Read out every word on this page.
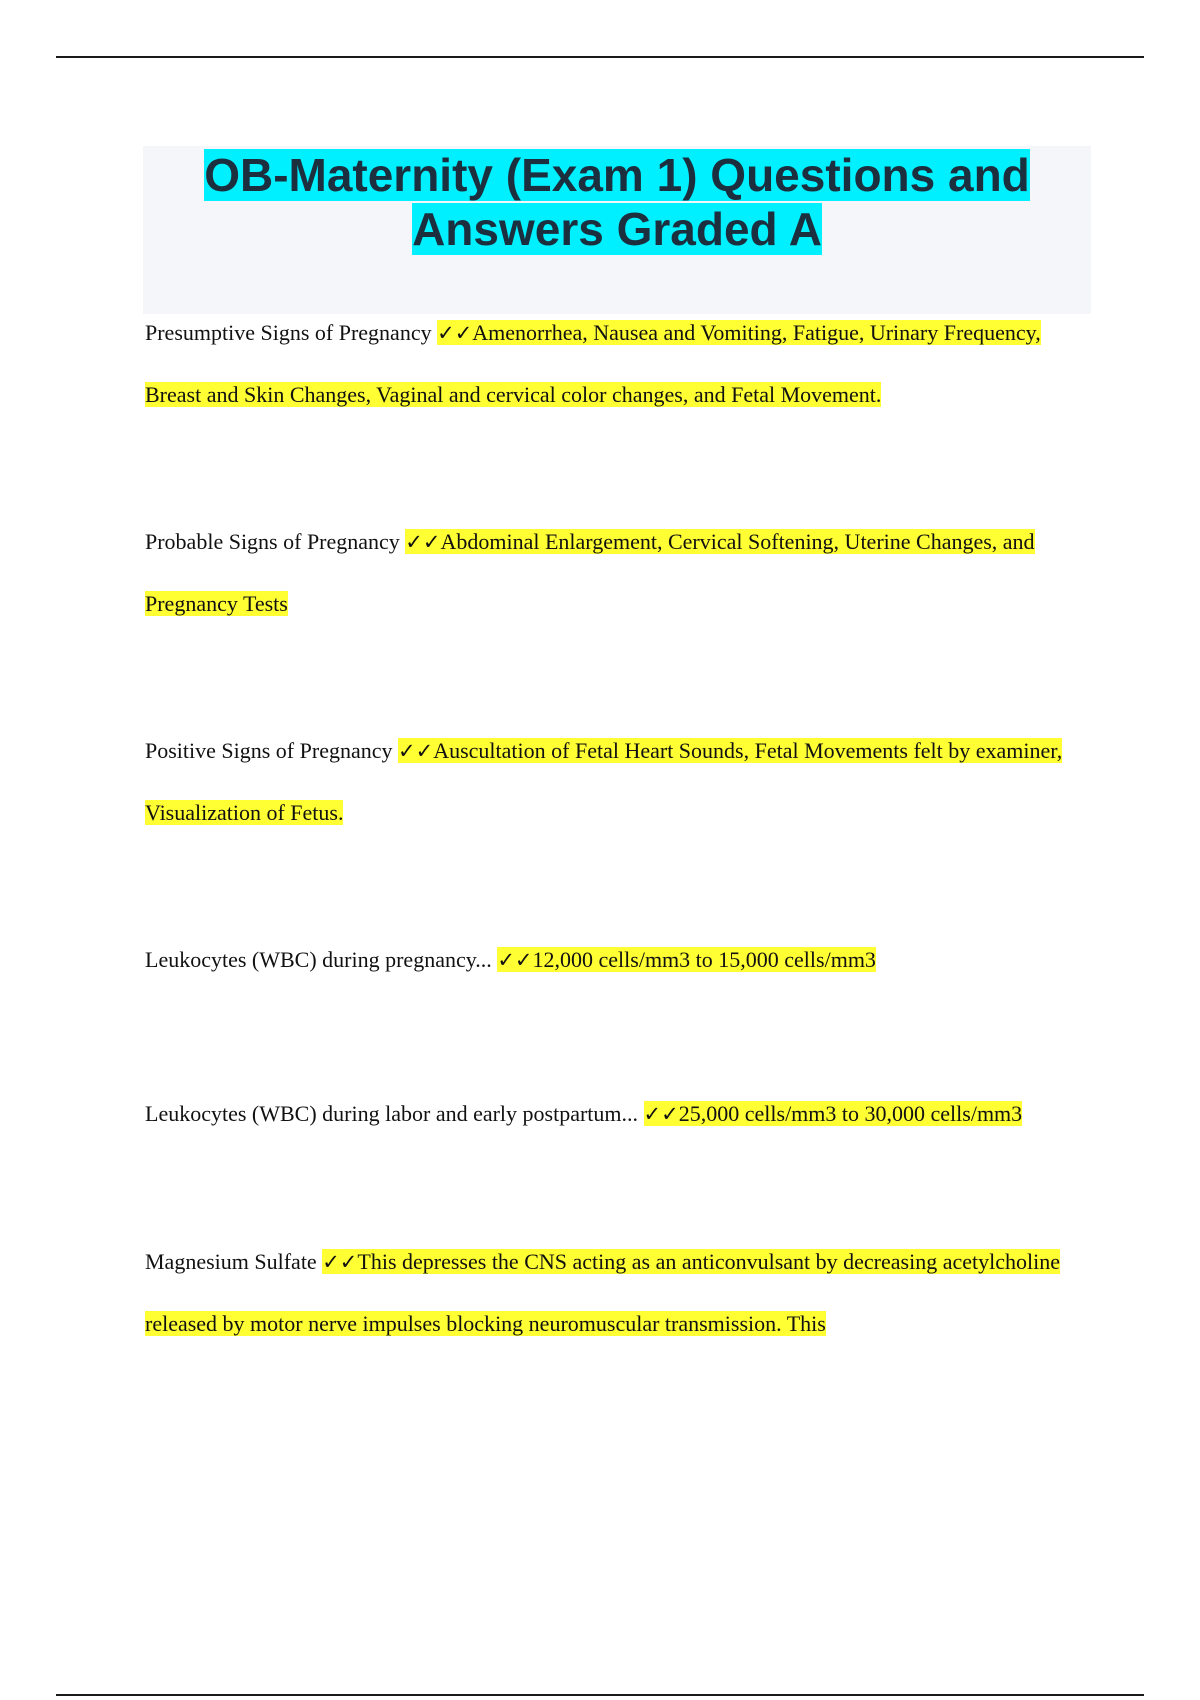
OB-Maternity (Exam 1) Questions and Answers Graded A

Presumptive Signs of Pregnancy ✓✓Amenorrhea, Nausea and Vomiting, Fatigue, Urinary Frequency, Breast and Skin Changes, Vaginal and cervical color changes, and Fetal Movement.

Probable Signs of Pregnancy ✓✓Abdominal Enlargement, Cervical Softening, Uterine Changes, and Pregnancy Tests

Positive Signs of Pregnancy ✓✓Auscultation of Fetal Heart Sounds, Fetal Movements felt by examiner, Visualization of Fetus.

Leukocytes (WBC) during pregnancy... ✓✓12,000 cells/mm3 to 15,000 cells/mm3

Leukocytes (WBC) during labor and early postpartum... ✓✓25,000 cells/mm3 to 30,000 cells/mm3

Magnesium Sulfate ✓✓This depresses the CNS acting as an anticonvulsant by decreasing acetylcholine released by motor nerve impulses blocking neuromuscular transmission. This
